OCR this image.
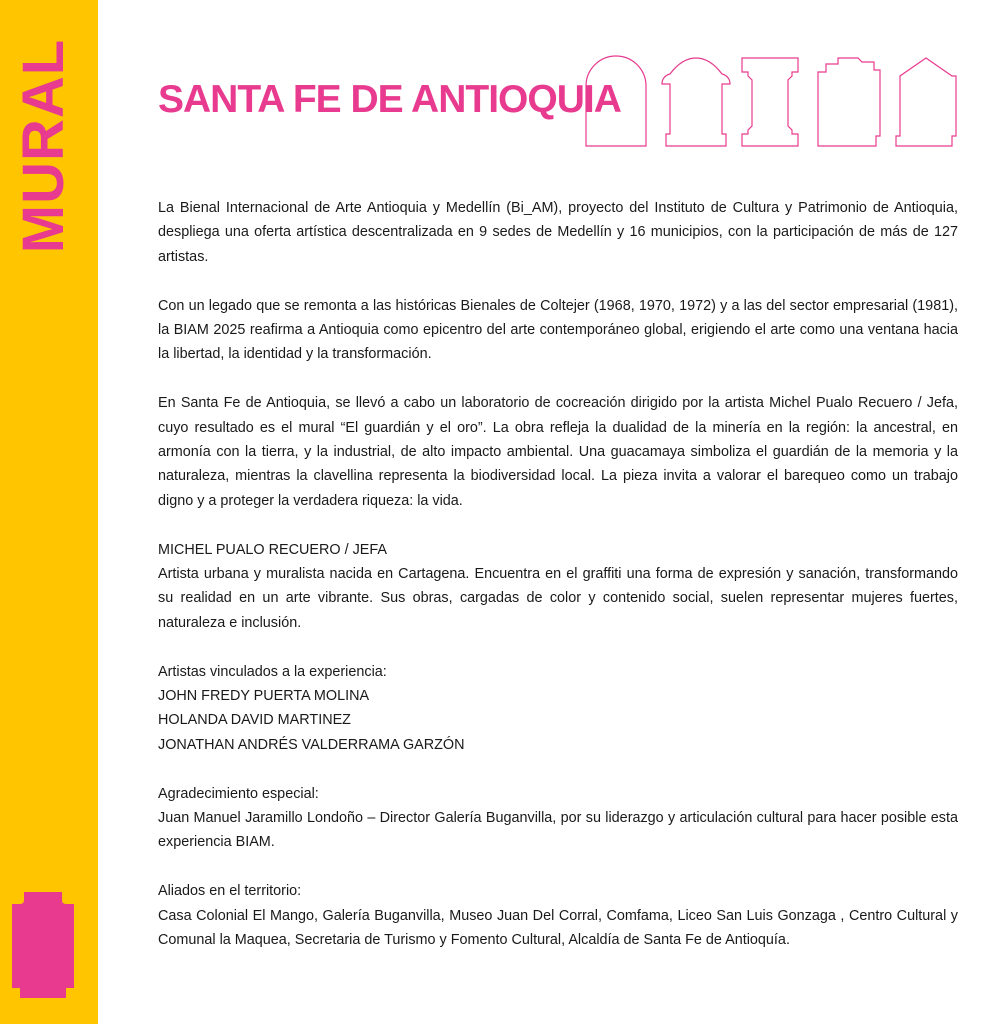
MURAL SANTA FE DE ANTIOQUIA

La Bienal Internacional de Arte Antioquia y Medellín (Bi_AM), proyecto del Instituto de Cultura y Patrimonio de Antioquia, despliega una oferta artística descentralizada en 9 sedes de Medellín y 16 municipios, con la participación de más de 127 artistas.

Con un legado que se remonta a las históricas Bienales de Coltejer (1968, 1970, 1972) y a las del sector empresarial (1981), la BIAM 2025 reafirma a Antioquia como epicentro del arte contemporáneo global, erigiendo el arte como una ventana hacia la libertad, la identidad y la transformación.

En Santa Fe de Antioquia, se llevó a cabo un laboratorio de cocreación dirigido por la artista Michel Pualo Recuero / Jefa, cuyo resultado es el mural “El guardián y el oro”. La obra refleja la dualidad de la minería en la región: la ancestral, en armonía con la tierra, y la industrial, de alto impacto ambiental. Una guacamaya simboliza el guardián de la memoria y la naturaleza, mientras la clavellina representa la biodiversidad local. La pieza invita a valorar el barequeo como un trabajo digno y a proteger la verdadera riqueza: la vida.

MICHEL PUALO RECUERO / JEFA
Artista urbana y muralista nacida en Cartagena. Encuentra en el graffiti una forma de expresión y sanación, transformando su realidad en un arte vibrante. Sus obras, cargadas de color y contenido social, suelen representar mujeres fuertes, naturaleza e inclusión.

Artistas vinculados a la experiencia:
JOHN FREDY PUERTA MOLINA
HOLANDA DAVID MARTINEZ
JONATHAN ANDRÉS VALDERRAMA GARZÓN

Agradecimiento especial:
Juan Manuel Jaramillo Londoño – Director Galería Buganvilla, por su liderazgo y articulación cultural para hacer posible esta experiencia BIAM.

Aliados en el territorio:
Casa Colonial El Mango, Galería Buganvilla, Museo Juan Del Corral, Comfama, Liceo San Luis Gonzaga , Centro Cultural y Comunal la Maquea, Secretaria de Turismo y Fomento Cultural, Alcaldía de Santa Fe de Antioquía.
